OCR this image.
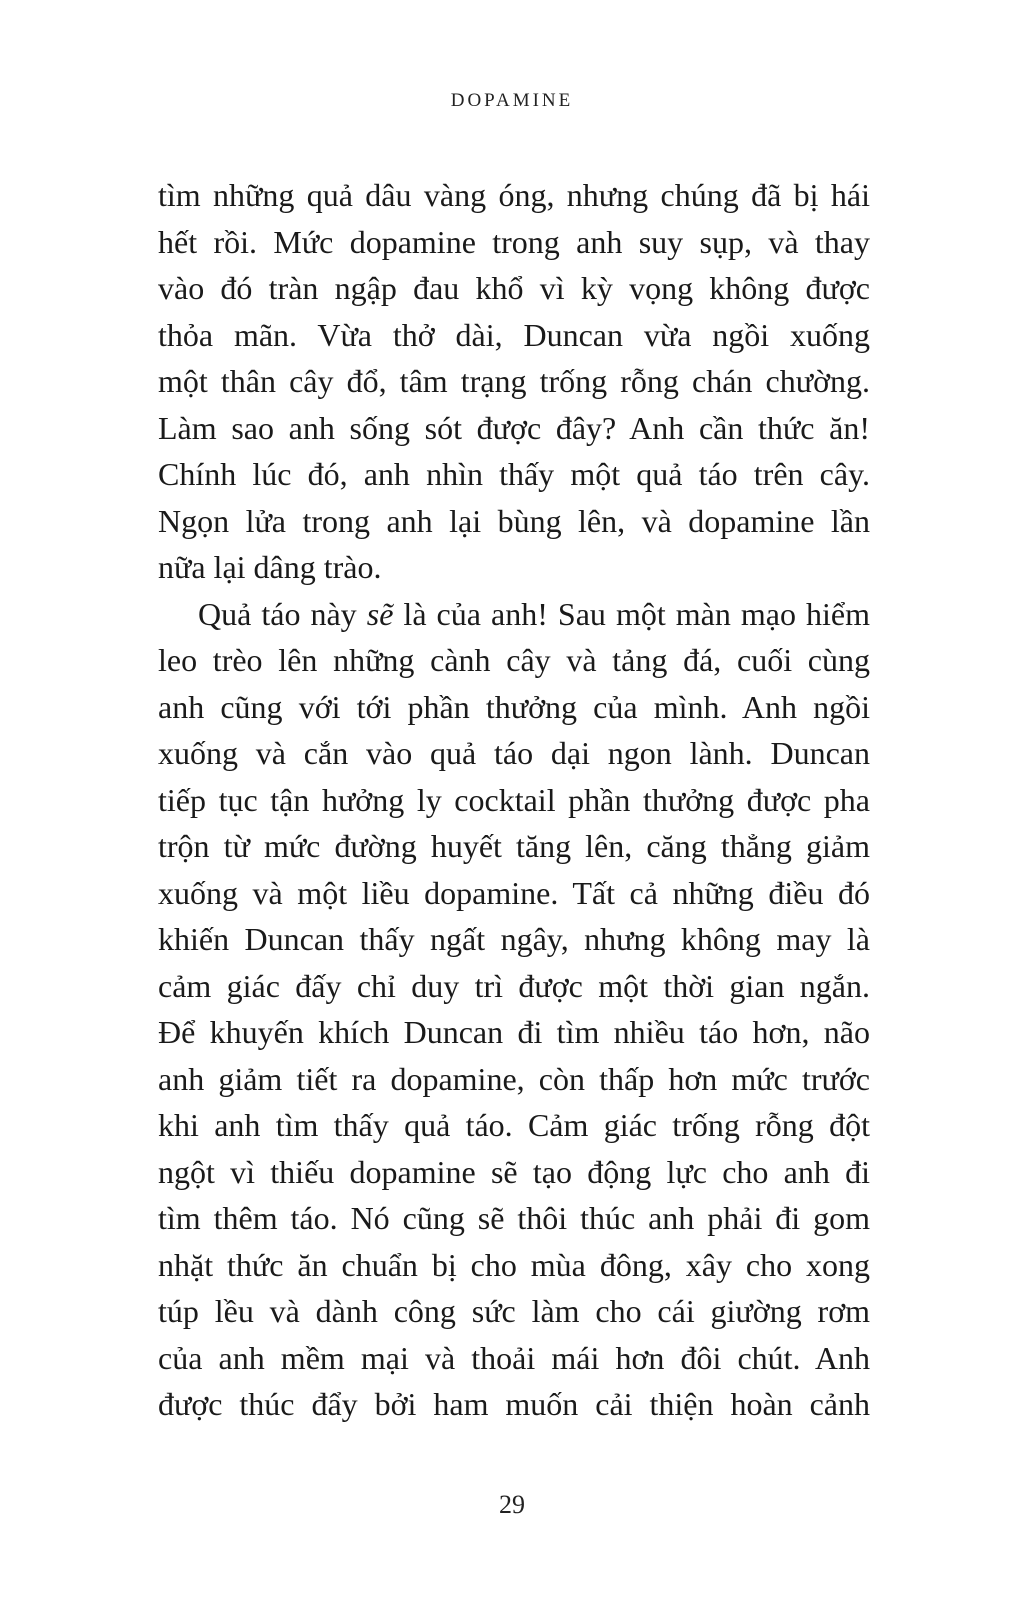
DOPAMINE
tìm những quả dâu vàng óng, nhưng chúng đã bị hái
hết rồi. Mức dopamine trong anh suy sụp, và thay
vào đó tràn ngập đau khổ vì kỳ vọng không được
thỏa mãn. Vừa thở dài, Duncan vừa ngồi xuống
một thân cây đổ, tâm trạng trống rỗng chán chường.
Làm sao anh sống sót được đây? Anh cần thức ăn!
Chính lúc đó, anh nhìn thấy một quả táo trên cây.
Ngọn lửa trong anh lại bùng lên, và dopamine lần
nữa lại dâng trào.
Quả táo này sẽ là của anh! Sau một màn mạo hiểm
leo trèo lên những cành cây và tảng đá, cuối cùng
anh cũng với tới phần thưởng của mình. Anh ngồi
xuống và cắn vào quả táo dại ngon lành. Duncan
tiếp tục tận hưởng ly cocktail phần thưởng được pha
trộn từ mức đường huyết tăng lên, căng thẳng giảm
xuống và một liều dopamine. Tất cả những điều đó
khiến Duncan thấy ngất ngây, nhưng không may là
cảm giác đấy chỉ duy trì được một thời gian ngắn.
Để khuyến khích Duncan đi tìm nhiều táo hơn, não
anh giảm tiết ra dopamine, còn thấp hơn mức trước
khi anh tìm thấy quả táo. Cảm giác trống rỗng đột
ngột vì thiếu dopamine sẽ tạo động lực cho anh đi
tìm thêm táo. Nó cũng sẽ thôi thúc anh phải đi gom
nhặt thức ăn chuẩn bị cho mùa đông, xây cho xong
túp lều và dành công sức làm cho cái giường rơm
của anh mềm mại và thoải mái hơn đôi chút. Anh
được thúc đẩy bởi ham muốn cải thiện hoàn cảnh
29
